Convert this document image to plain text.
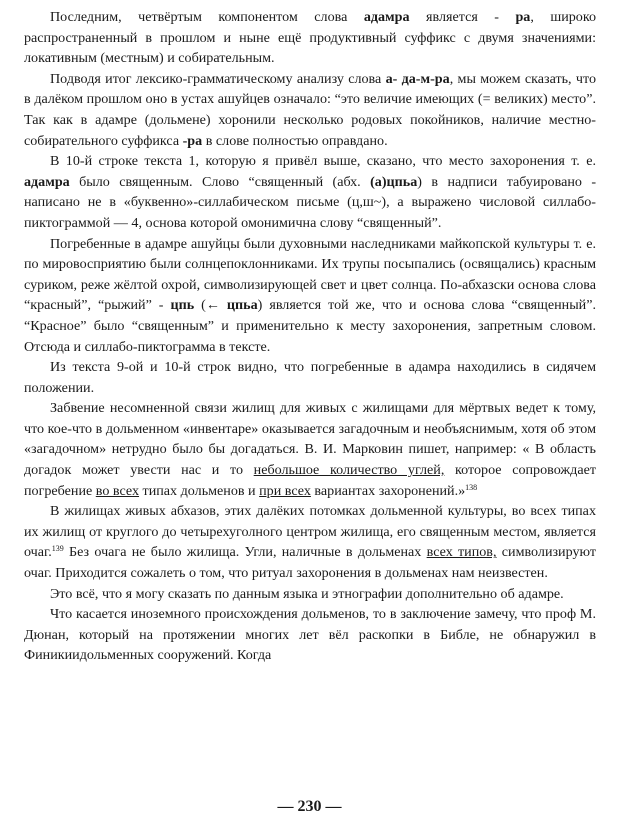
Последним, четвёртым компонентом слова адамра является - ра, широко распространенный в прошлом и ныне ещё продуктивный суффикс с двумя значениями: локативным (местным) и собирательным.

Подводя итог лексико-грамматическому анализу слова а- да-м-ра, мы можем сказать, что в далёком прошлом оно в устах ашуйцев означало: “это величие имеющих (= великих) место”. Так как в адамре (дольмене) хоронили несколько родовых покойников, наличие местно-собирательного суффикса -ра в слове полностью оправдано.

В 10-й строке текста 1, которую я привёл выше, сказано, что место захоронения т. е. адамра было священным. Слово “священный (абх. (а)цпьа) в надписи табуировано - написано не в «буквенно»-силлабическом письме (ц,ш~), а выражено числовой силлабо-пиктограммой — 4, основа которой омонимична слову “священный”.

Погребенные в адамре ашуйцы были духовными наследниками майкопской культуры т. е. по мировосприятию были солнцепоклонниками. Их трупы посыпались (освящались) красным суриком, реже жёлтой охрой, символизирующей свет и цвет солнца. По-абхазски основа слова “красный”, “рыжий” - цпь (← цпьа) является той же, что и основа слова “священный”. “Красное” было “священным” и применительно к месту захоронения, запретным словом. Отсюда и силлабо-пиктограмма в тексте.

Из текста 9-ой и 10-й строк видно, что погребенные в адамра находились в сидячем положении.

Забвение несомненной связи жилищ для живых с жилищами для мёртвых ведет к тому, что кое-что в дольменном «инвентаре» оказывается загадочным и необъяснимым, хотя об этом «загадочном» нетрудно было бы догадаться. В. И. Марковин пишет, например: « В область догадок может увести нас и то небольшое количество углей, которое сопровождает погребение во всех типах дольменов и при всех вариантах захоронений.»$^{138}$

В жилищах живых абхазов, этих далёких потомках дольменной культуры, во всех типах их жилищ от круглого до четырехуголного центром жилища, его священным местом, является очаг.$^{139}$ Без очага не было жилища. Угли, наличные в дольменах всех типов, символизируют очаг. Приходится сожалеть о том, что ритуал захоронения в дольменах нам неизвестен.

Это всё, что я могу сказать по данным языка и этнографии дополнительно об адамре.

Что касается иноземного происхождения дольменов, то в заключение замечу, что проф М. Дюнан, который на протяжении многих лет вёл раскопки в Библе, не обнаружил в Финикиидольменных сооружений. Когда

— 230 —
